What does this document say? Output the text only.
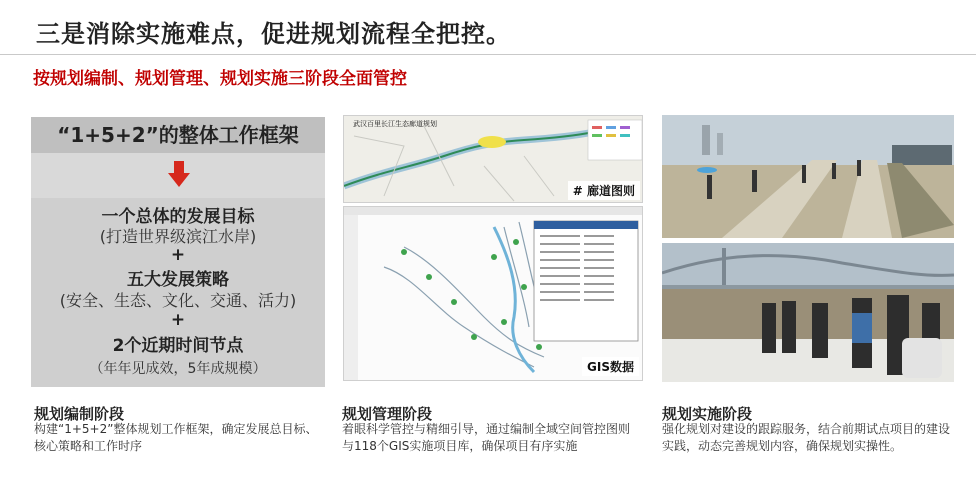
三是消除实施难点，促进规划流程全把控。
按规划编制、规划管理、规划实施三阶段全面管控
“1+5+2”的整体工作框架
一个总体的发展目标
(打造世界级滨江水岸)
+
五大发展策略
(安全、生态、文化、交通、活力)
+
2个近期时间节点
（年年见成效，5年成规模）
武汉百里长江生态廊道规划
# 廊道图则
GIS数据
规划编制阶段
构建“1+5+2”整体规划工作框架，确定发展总目标、核心策略和工作时序
规划管理阶段
着眼科学管控与精细引导，通过编制全域空间管控图则与118个GIS实施项目库，确保项目有序实施
规划实施阶段
强化规划对建设的跟踪服务，结合前期试点项目的建设实践，动态完善规划内容，确保规划实操性。
